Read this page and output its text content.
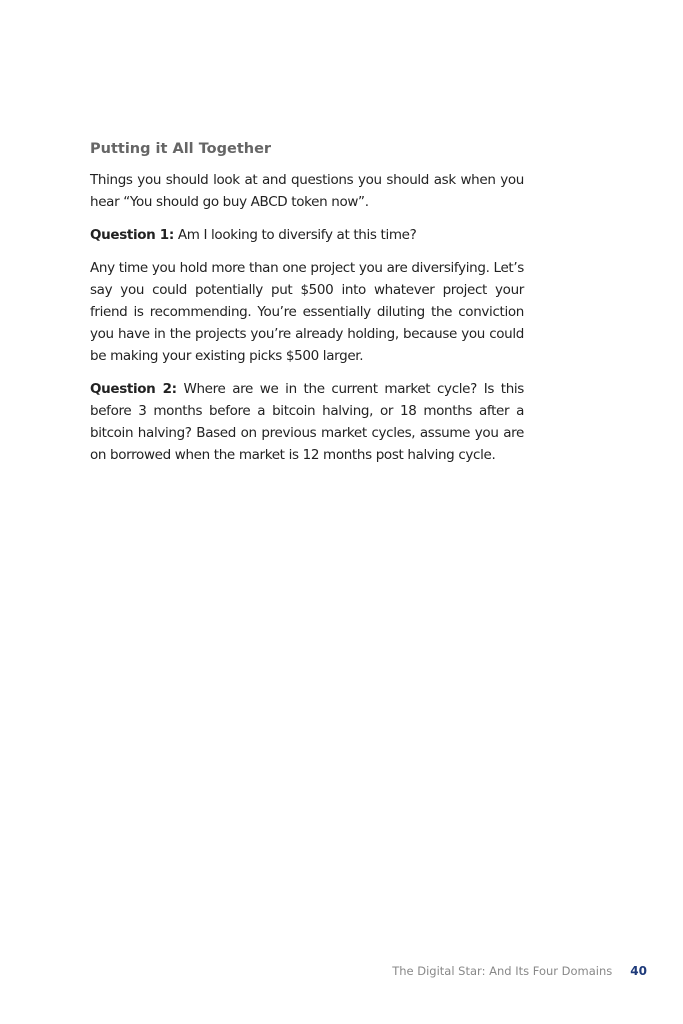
Putting it All Together

Things you should look at and questions you should ask when you hear “You should go buy ABCD token now”.

Question 1: Am I looking to diversify at this time?

Any time you hold more than one project you are diversifying. Let’s say you could potentially put $500 into whatever project your friend is recommending. You’re essentially diluting the conviction you have in the projects you’re already holding, because you could be making your existing picks $500 larger.

Question 2: Where are we in the current market cycle? Is this before 3 months before a bitcoin halving, or 18 months after a bitcoin halving? Based on previous market cycles, assume you are on borrowed when the market is 12 months post halving cycle.

The Digital Star: And Its Four Domains 40
